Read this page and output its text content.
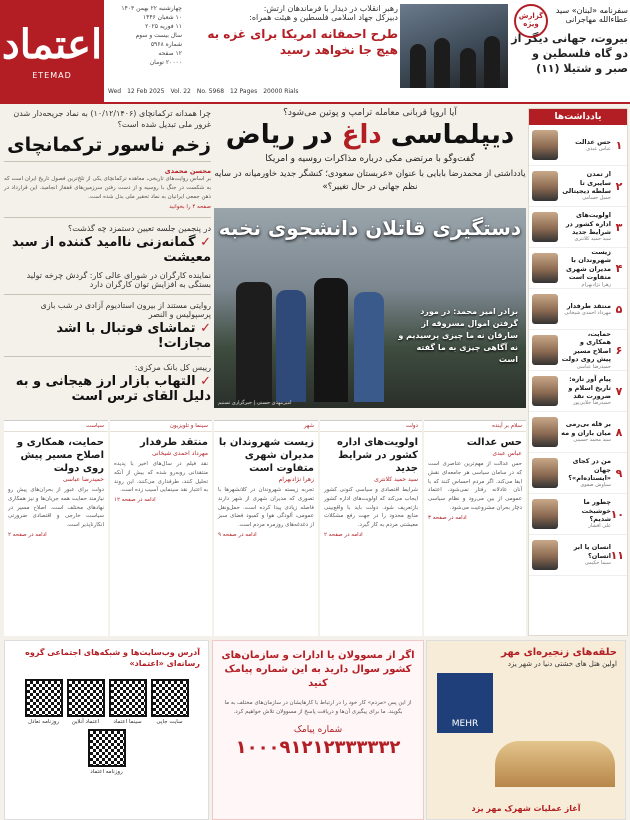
اعتماد
ETEMAD
چهارشنبه ۲۲ بهمن ۱۴۰۳
۱۰ شعبان ۱۴۴۶
۱۱ فوریه ۲۰۲۵
سال بیست و سوم
شماره ۵۹۶۸
۱۲ صفحه
۲۰۰۰۰ تومان
Wed 12 Feb 2025 Vol. 22 No. 5968 12 Pages 20000 Rials
رهبر انقلاب در دیدار با فرماندهان ارتش:
دبیرکل جهاد اسلامی فلسطین و هیئت همراه:
طرح احمقانه امریکا برای غزه به هیچ جا نخواهد رسید
گزارش ویژه
سفرنامه «لبنان» سید عطاءالله مهاجرانی
بیروت، جهانی دیگر از دو گاه فلسطین و صبر و شتیلا (۱۱)
چرا همدانه ترکمانچای (۱۰/۱۲/۱۴۰۶) به نماد جریحه‌دار شدن غرور ملی تبدیل شده است؟
زخم ناسور ترکمانچای
محسن محمدی
بر اساس روایت‌های تاریخی، معاهده ترکمانچای یکی از تلخ‌ترین فصول تاریخ ایران است که به شکست در جنگ با روسیه و از دست رفتن سرزمین‌های قفقاز انجامید. این قرارداد در ذهن جمعی ایرانیان به نماد تحقیر ملی بدل شده است.
صفحه ۴ را بخوانید
در پنجمین جلسه تعیین دستمزد چه گذشت؟
✓ گمانه‌زنی ناامید کننده از سبد معیشت
نماینده کارگران در شورای عالی کار: گردش چرخه تولید بستگی به افزایش توان کارگران دارد
روایتی مستند از بیرون استادیوم آزادی در شب بازی پرسپولیس و النصر
✓ تماشای فوتبال با اشد مجازات!
رییس کل بانک مرکزی:
✓ التهاب بازار ارز هیجانی و به دلیل القای ترس است
آیا اروپا قربانی معامله ترامپ و پوتین می‌شود؟
دیپلماسی داغ در ریاض
گفت‌وگو با مرتضی مکی درباره مذاکرات روسیه و امریکا
یادداشتی از محمدرضا بابایی با عنوان «عربستان سعودی؛ کنشگر جدید خاورمیانه در سایه نظم جهانی در حال تغییر؟»
دستگیری قاتلان دانشجوی نخبه
برادر امیر محمد: در مورد گرفتن اموال مسروقه از سارقان نه ما چیزی پرسیدیم و نه آگاهی چیزی به ما گفته است
امیرمهدی حسنی | خبرگزاری تسنیم
یادداشت‌ها
۱
حس عدالت
عباس عبدی
۲
از تمدن سایبری تا سلطه دیجیتالی
جمیل حسامی
۳
اولویت‌های اداره کشور در شرایط جدید
سید حمید کلانتری
۴
زیست شهروندان با مدیران شهری متفاوت است
زهرا نژادبهرام
۵
منتقد طرفدار
مهرداد احمدی شیخانی
۶
حمایت، همکاری و اصلاح مسیر پیش روی دولت
حمیدرضا عباسی
۷
پیام آور تازه: تاریخ اسلام و ضرورت نقد
حمیدرضا جلایی‌پور
۸
بر قله بی‌رمی میان باران و مه
سید محمد حسینی
۹
من در کجای جهان «ایستاده‌ام»؟
سیاوش صفوی
۱۰
چطور ما خوشبخت شدیم؟
علی افشار
۱۱
انسان یا ابر انسان؟
سیما حکیمی
سلام بر آینده
حس عدالت
عباس عبدی
حس عدالت از مهم‌ترین عناصری است که در سامان سیاسی هر جامعه‌ای نقش ایفا می‌کند. اگر مردم احساس کنند که با آنان عادلانه رفتار نمی‌شود، اعتماد عمومی از بین می‌رود و نظام سیاسی دچار بحران مشروعیت می‌شود.
ادامه در صفحه ۳
دولت
اولویت‌های اداره کشور در شرایط جدید
سید حمید کلانتری
شرایط اقتصادی و سیاسی کنونی کشور ایجاب می‌کند که اولویت‌های اداره کشور بازتعریف شود. دولت باید با واقع‌بینی منابع محدود را در جهت رفع مشکلات معیشتی مردم به کار گیرد.
ادامه در صفحه ۲
شهر
زیست شهروندان با مدیران شهری متفاوت است
زهرا نژادبهرام
تجربه زیسته شهروندان در کلانشهرها با تصوری که مدیران شهری از شهر دارند فاصله زیادی پیدا کرده است. حمل‌ونقل عمومی، آلودگی هوا و کمبود فضای سبز از دغدغه‌های روزمره مردم است.
ادامه در صفحه ۹
سینما و تلویزیون
منتقد طرفدار
مهرداد احمدی شیخانی
نقد فیلم در سال‌های اخیر با پدیده منتقدانی روبه‌رو شده که بیش از آنکه تحلیل کنند، طرفداری می‌کنند. این روند به اعتبار نقد سینمایی آسیب زده است.
ادامه در صفحه ۱۲
سیاست
حمایت، همکاری و اصلاح مسیر پیش روی دولت
حمیدرضا عباسی
دولت برای عبور از بحران‌های پیش رو نیازمند حمایت همه جریان‌ها و نیز همکاری نهادهای مختلف است. اصلاح مسیر در سیاست خارجی و اقتصادی ضرورتی انکارناپذیر است.
ادامه در صفحه ۲
آدرس وب‌سایت‌ها و شبکه‌های اجتماعی گروه رسانه‌ای «اعتماد»
سایت جاپی
سینما اعتماد
اعتماد آنلاین
روزنامه تعادل
روزنامه اعتماد
اگر از مسوولان یا ادارات و سازمان‌های کشور سوال دارید به این شماره پیامک کنید
از این پس «مردم» کار خود را در ارتباط با کارهایشان در سازمان‌های مختلف به ما بگویند. ما برای پیگیری آن‌ها و دریافت پاسخ از مسوولان تلاش خواهیم کرد.
شماره پیامک
۱۰۰۰۹۱۲۱۲۳۳۳۳۳۲
حلقه‌های زنجیره‌ای مهر
اولین هتل های خشتی دنیا در شهر یزد
MEHR
آغاز عملیات شهرک مهر یزد
